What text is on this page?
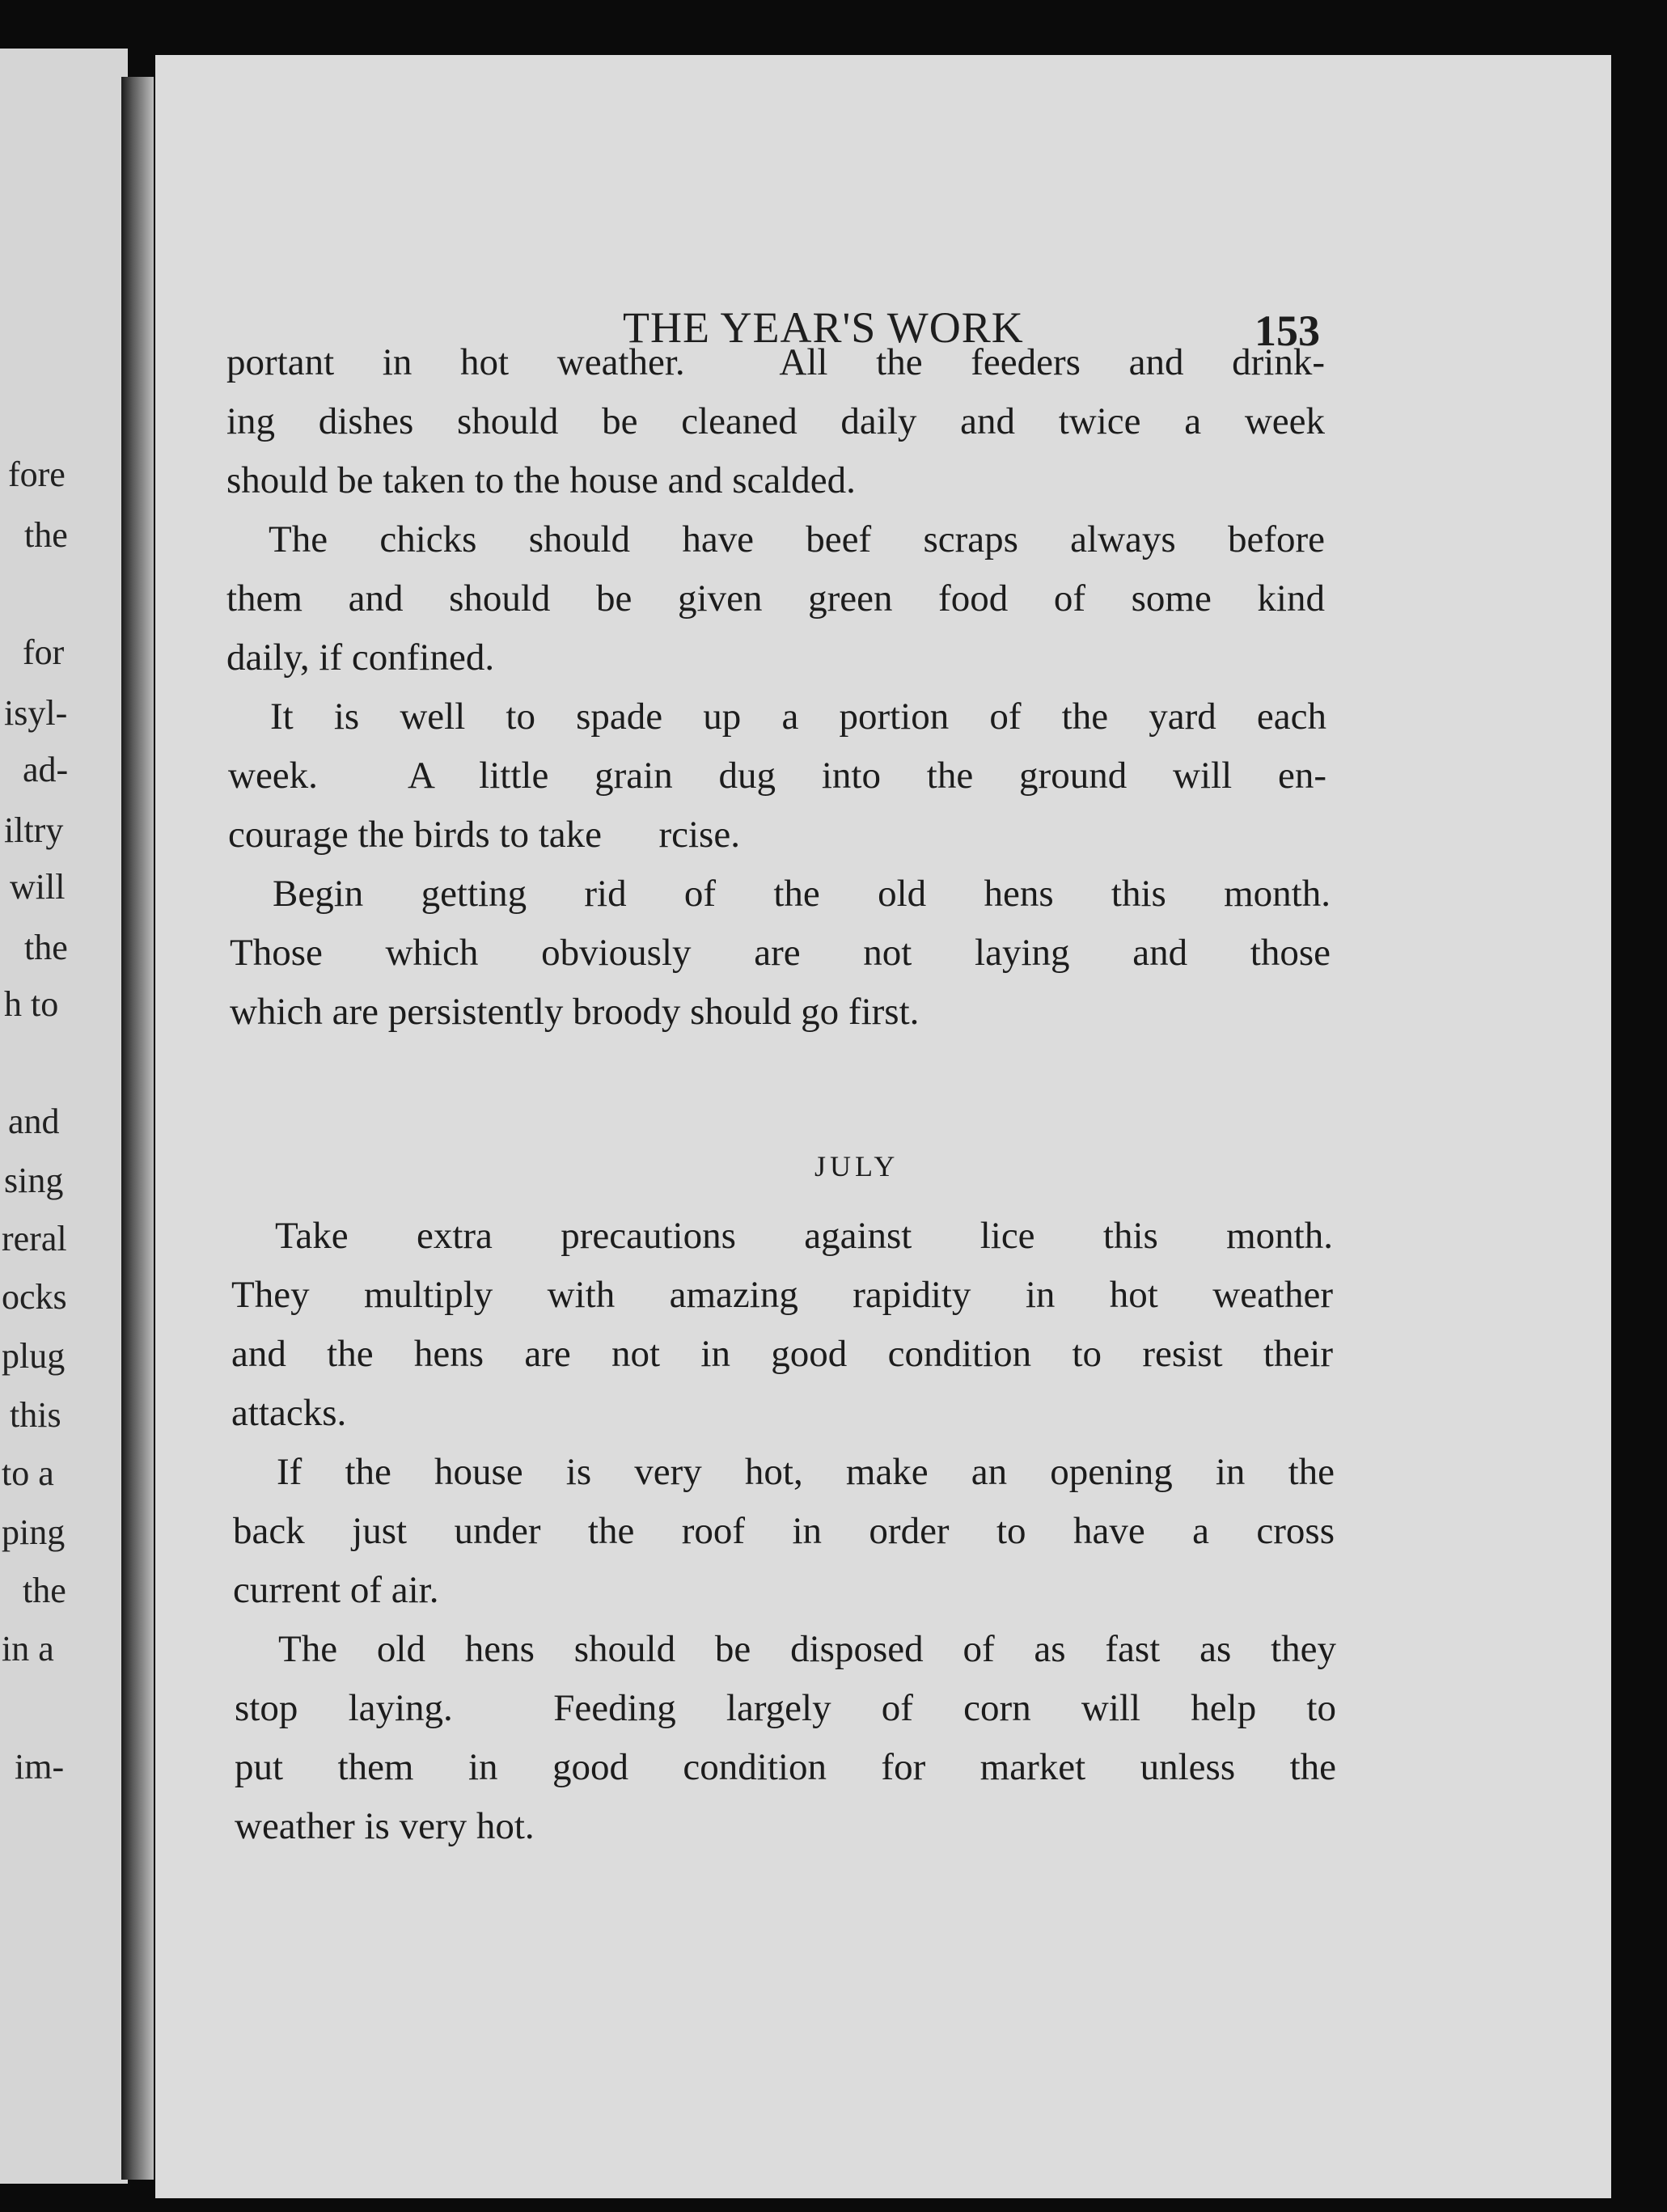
fore
the
for
isyl-
ad-
iltry
will
the
h to
and
sing
reral
ocks
plug
this
to a
ping
the
in a
im-
THE YEAR'S WORK	153
portant in hot weather.  All the feeders and drink-
ing dishes should be cleaned daily and twice a week
should be taken to the house and scalded.
The chicks should have beef scraps always before
them and should be given green food of some kind
daily, if confined.
It is well to spade up a portion of the yard each
week.  A little grain dug into the ground will en-
courage the birds to take      rcise.
Begin getting rid of the old hens this month.
Those which obviously are not laying and those
which are persistently broody should go first.
JULY
Take extra precautions against lice this month.
They multiply with amazing rapidity in hot weather
and the hens are not in good condition to resist their
attacks.
If the house is very hot, make an opening in the
back just under the roof in order to have a cross
current of air.
The old hens should be disposed of as fast as they
stop laying.  Feeding largely of corn will help to
put them in good condition for market unless the
weather is very hot.
